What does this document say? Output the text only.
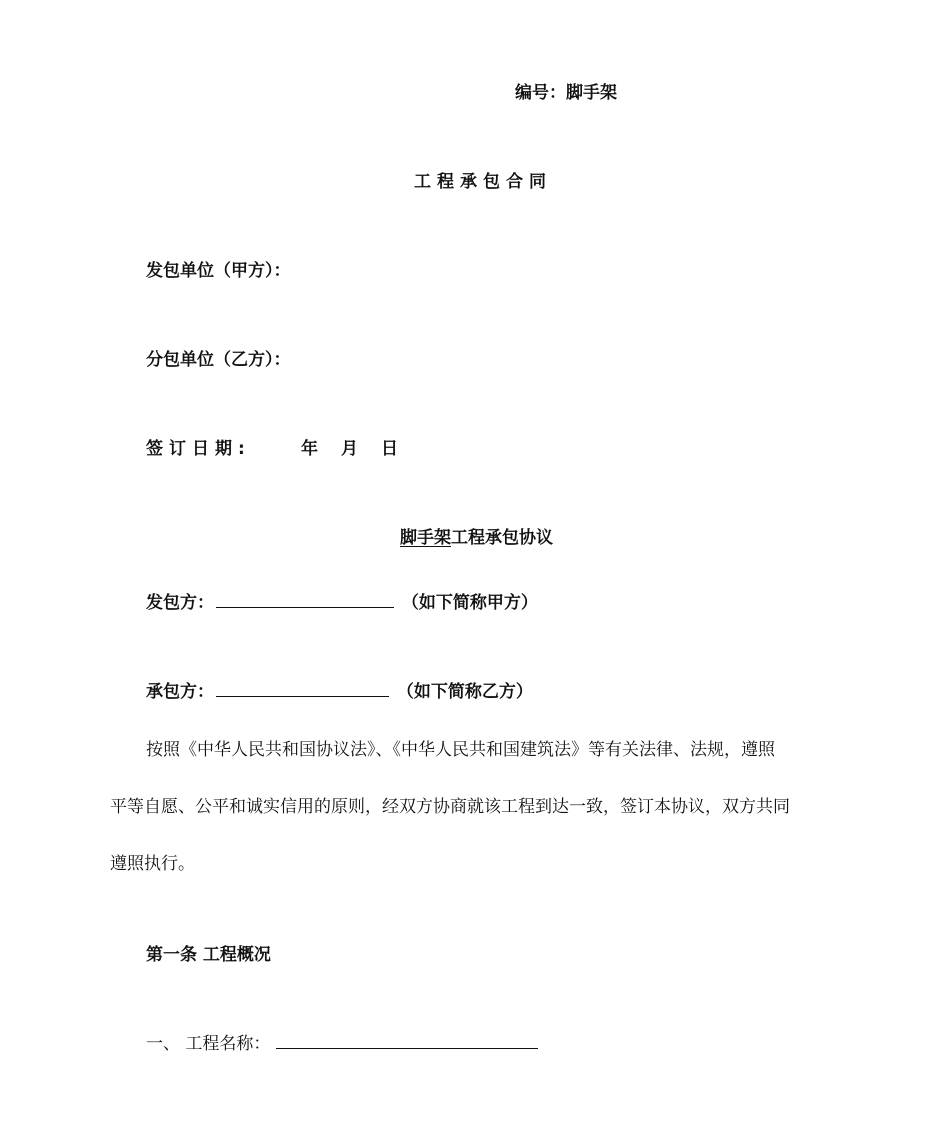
编号：脚手架
工程承包合同
发包单位（甲方）：
分包单位（乙方）：
签订日期:	年 月 日
脚手架工程承包协议
发包方：	（如下简称甲方）
承包方：	（如下简称乙方）
按照《中华人民共和国协议法》、《中华人民共和国建筑法》等有关法律、法规，遵照
平等自愿、公平和诚实信用的原则，经双方协商就该工程到达一致，签订本协议，双方共同
遵照执行。
第一条 工程概况
一、 工程名称：
